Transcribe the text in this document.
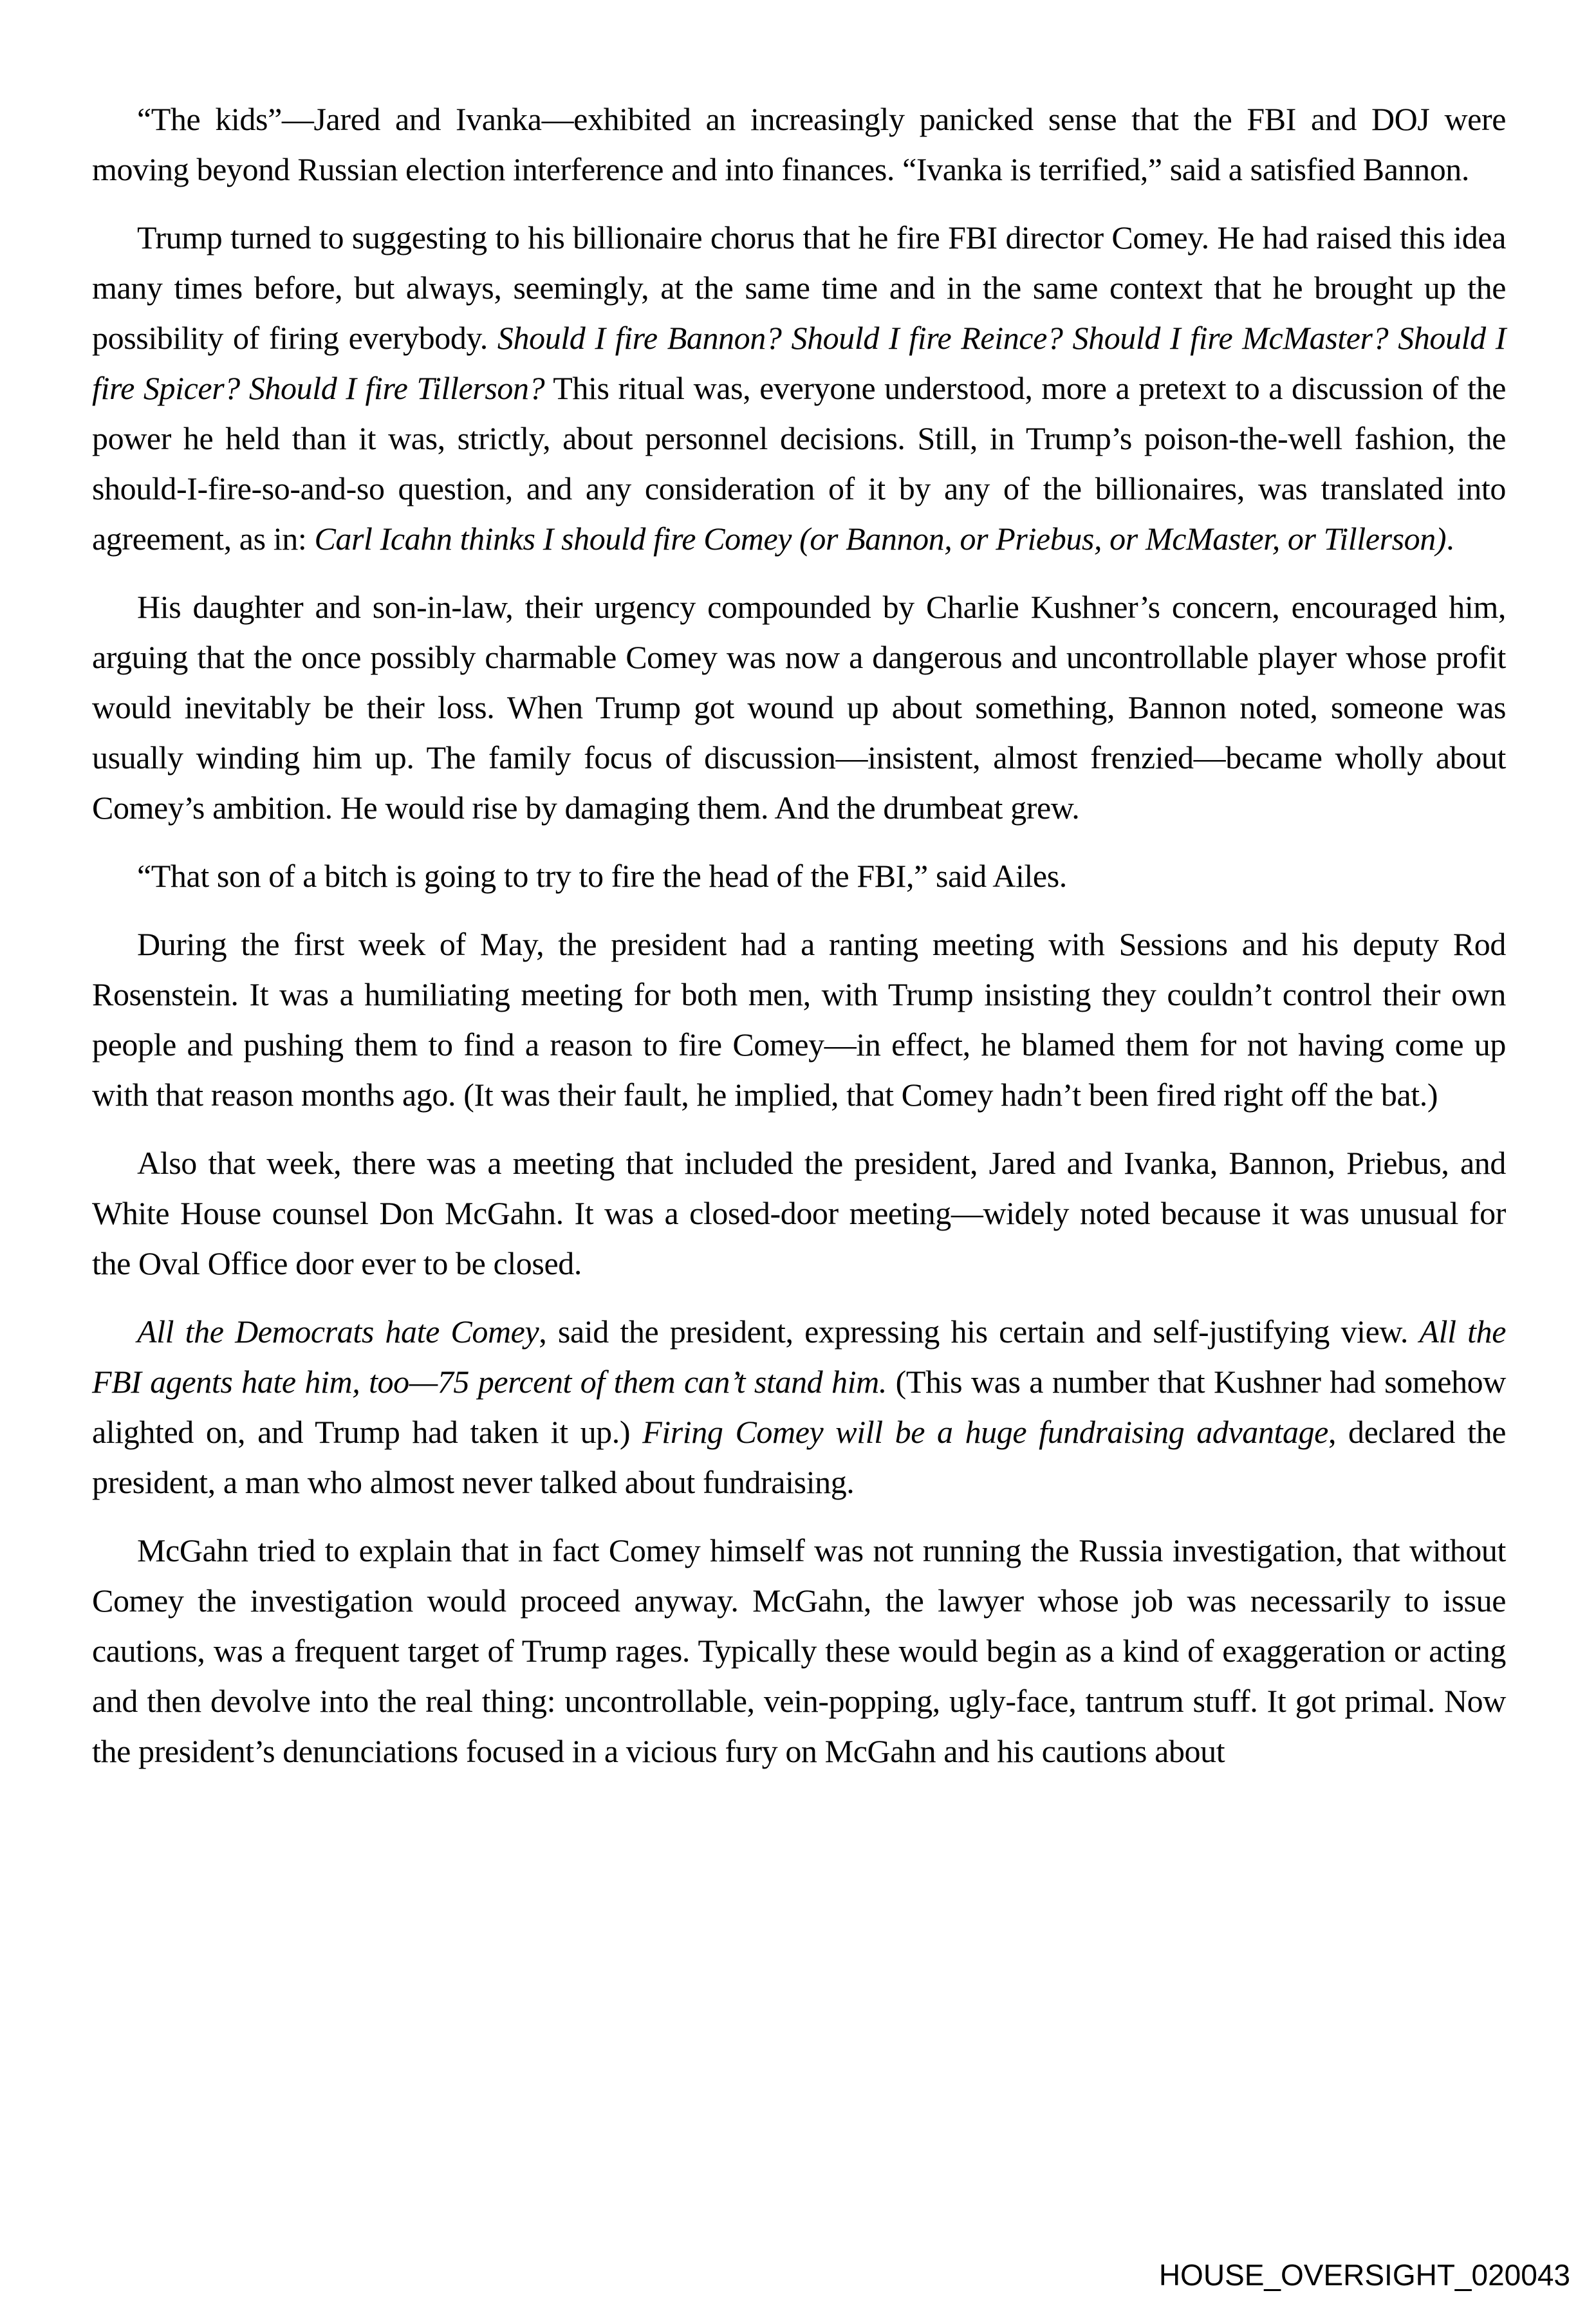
“The kids”—Jared and Ivanka—exhibited an increasingly panicked sense that the FBI and DOJ were moving beyond Russian election interference and into finances. “Ivanka is terrified,” said a satisfied Bannon.

Trump turned to suggesting to his billionaire chorus that he fire FBI director Comey. He had raised this idea many times before, but always, seemingly, at the same time and in the same context that he brought up the possibility of firing everybody. Should I fire Bannon? Should I fire Reince? Should I fire McMaster? Should I fire Spicer? Should I fire Tillerson? This ritual was, everyone understood, more a pretext to a discussion of the power he held than it was, strictly, about personnel decisions. Still, in Trump’s poison-the-well fashion, the should-I-fire-so-and-so question, and any consideration of it by any of the billionaires, was translated into agreement, as in: Carl Icahn thinks I should fire Comey (or Bannon, or Priebus, or McMaster, or Tillerson).

His daughter and son-in-law, their urgency compounded by Charlie Kushner’s concern, encouraged him, arguing that the once possibly charmable Comey was now a dangerous and uncontrollable player whose profit would inevitably be their loss. When Trump got wound up about something, Bannon noted, someone was usually winding him up. The family focus of discussion—insistent, almost frenzied—became wholly about Comey’s ambition. He would rise by damaging them. And the drumbeat grew.

“That son of a bitch is going to try to fire the head of the FBI,” said Ailes.

During the first week of May, the president had a ranting meeting with Sessions and his deputy Rod Rosenstein. It was a humiliating meeting for both men, with Trump insisting they couldn’t control their own people and pushing them to find a reason to fire Comey—in effect, he blamed them for not having come up with that reason months ago. (It was their fault, he implied, that Comey hadn’t been fired right off the bat.)

Also that week, there was a meeting that included the president, Jared and Ivanka, Bannon, Priebus, and White House counsel Don McGahn. It was a closed-door meeting—widely noted because it was unusual for the Oval Office door ever to be closed.

All the Democrats hate Comey, said the president, expressing his certain and self-justifying view. All the FBI agents hate him, too—75 percent of them can’t stand him. (This was a number that Kushner had somehow alighted on, and Trump had taken it up.) Firing Comey will be a huge fundraising advantage, declared the president, a man who almost never talked about fundraising.

McGahn tried to explain that in fact Comey himself was not running the Russia investigation, that without Comey the investigation would proceed anyway. McGahn, the lawyer whose job was necessarily to issue cautions, was a frequent target of Trump rages. Typically these would begin as a kind of exaggeration or acting and then devolve into the real thing: uncontrollable, vein-popping, ugly-face, tantrum stuff. It got primal. Now the president’s denunciations focused in a vicious fury on McGahn and his cautions about

HOUSE_OVERSIGHT_020043
